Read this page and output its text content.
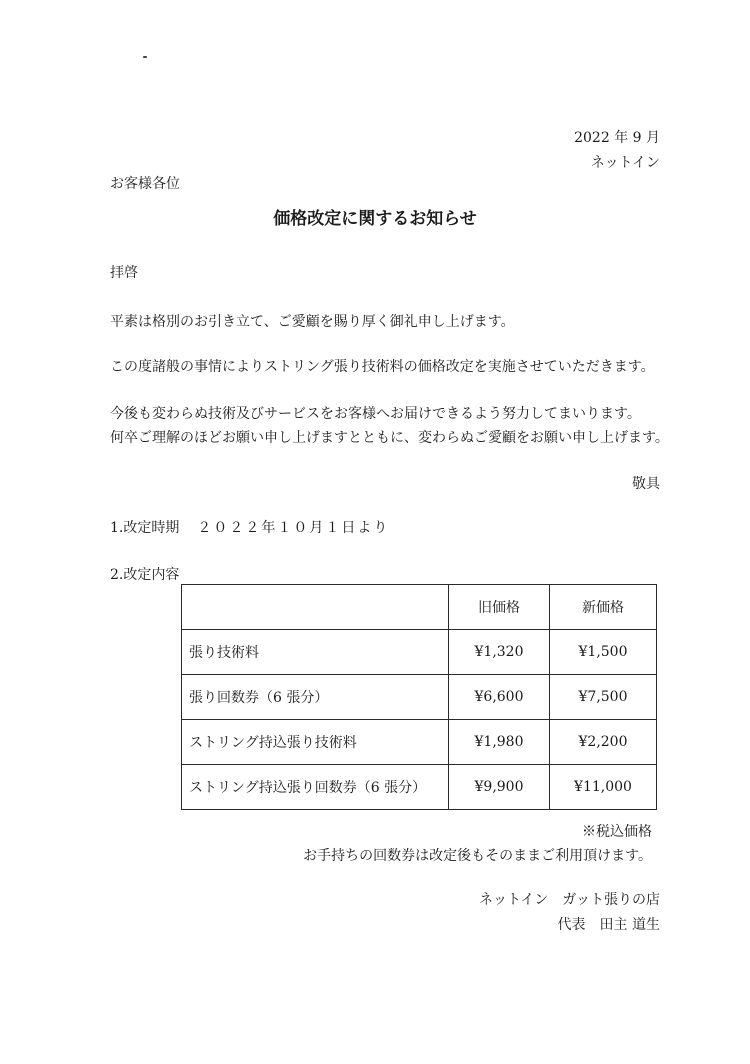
2022 年 9 月
ネットイン
お客様各位
価格改定に関するお知らせ
拝啓
平素は格別のお引き立て、ご愛顧を賜り厚く御礼申し上げます。
この度諸般の事情によりストリング張り技術料の価格改定を実施させていただきます。
今後も変わらぬ技術及びサービスをお客様へお届けできるよう努力してまいります。
何卒ご理解のほどお願い申し上げますとともに、変わらぬご愛顧をお願い申し上げます。
敬具
1.改定時期 ２０２２年１０月１日より
2.改定内容
	旧価格	新価格
張り技術料	¥1,320	¥1,500
張り回数券（6 張分）	¥6,600	¥7,500
ストリング持込張り技術料	¥1,980	¥2,200
ストリング持込張り回数券（6 張分）	¥9,900	¥11,000
※税込価格
お手持ちの回数券は改定後もそのままご利用頂けます。
ネットイン　ガット張りの店
代表　田主 道生
